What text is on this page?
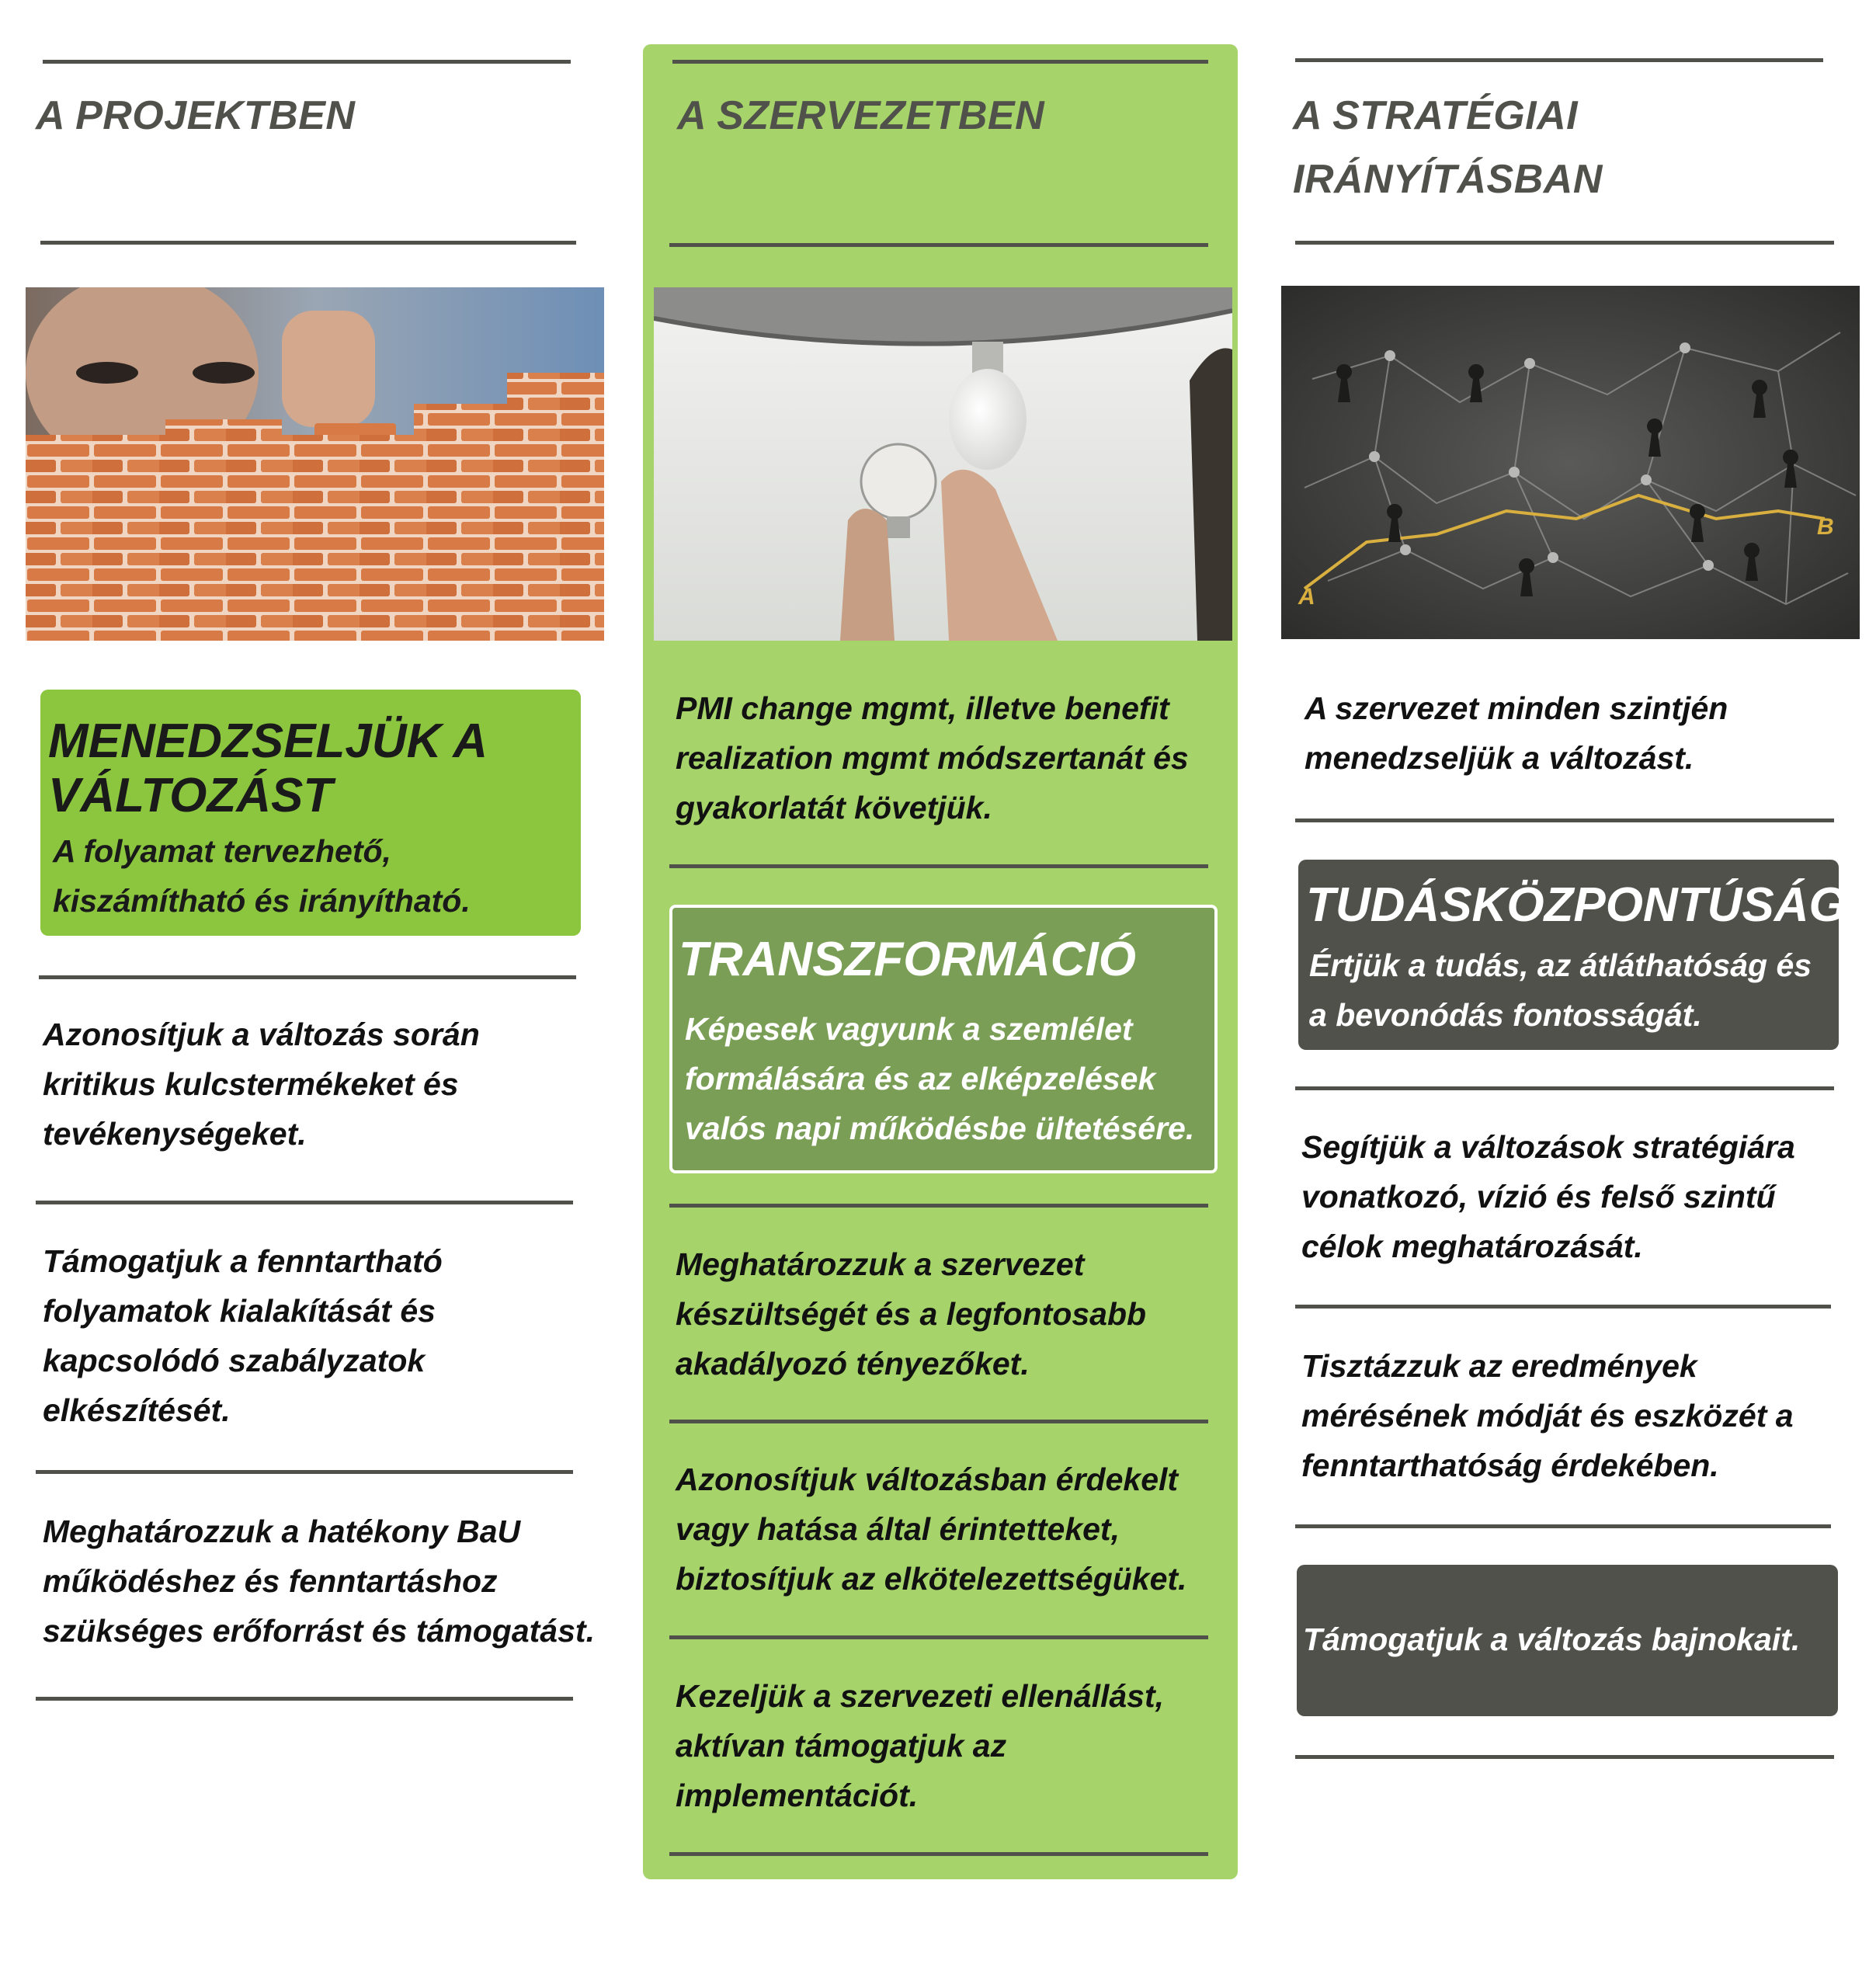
A PROJEKTBEN
MENEDZSELJÜK A VÁLTOZÁST
A folyamat tervezhető, kiszámítható és irányítható.
Azonosítjuk a változás során kritikus kulcstermékeket és tevékenységeket.
Támogatjuk a fenntartható folyamatok kialakítását és kapcsolódó szabályzatok elkészítését.
Meghatározzuk a hatékony BaU működéshez és fenntartáshoz szükséges erőforrást és támogatást.
A SZERVEZETBEN
PMI change mgmt, illetve benefit realization mgmt módszertanát és gyakorlatát követjük.
TRANSZFORMÁCIÓ
Képesek vagyunk a szemlélet formálására és az elképzelések valós napi működésbe ültetésére.
Meghatározzuk a szervezet készültségét és a legfontosabb akadályozó tényezőket.
Azonosítjuk változásban érdekelt vagy hatása által érintetteket, biztosítjuk az elkötelezettségüket.
Kezeljük a szervezeti ellenállást, aktívan támogatjuk az implementációt.
A STRATÉGIAI IRÁNYÍTÁSBAN
A
B
A szervezet minden szintjén menedzseljük a változást.
TUDÁSKÖZPONTÚSÁG
Értjük a tudás, az átláthatóság és a bevonódás fontosságát.
Segítjük a változások stratégiára vonatkozó, vízió és felső szintű célok meghatározását.
Tisztázzuk az eredmények mérésének módját és eszközét a fenntarthatóság érdekében.
Támogatjuk a változás bajnokait.
